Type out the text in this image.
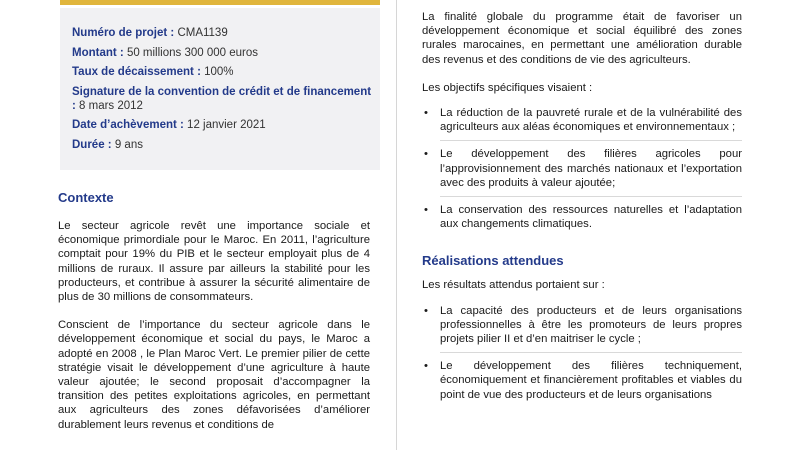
Numéro de projet : CMA1139
Montant : 50 millions 300 000 euros
Taux de décaissement : 100%
Signature de la convention de crédit et de financement : 8 mars 2012
Date d’achèvement : 12 janvier 2021
Durée : 9 ans
Contexte

Le secteur agricole revêt une importance sociale et économique primordiale pour le Maroc. En 2011, l’agriculture comptait pour 19% du PIB et le secteur employait plus de 4 millions de ruraux. Il assure par ailleurs la stabilité pour les producteurs, et contribue à assurer la sécurité alimentaire de plus de 30 millions de consommateurs.

Conscient de l’importance du secteur agricole dans le développement économique et social du pays, le Maroc a adopté en 2008 , le Plan Maroc Vert. Le premier pilier de cette stratégie visait le développement d’une agriculture à haute valeur ajoutée; le second proposait d’accompagner la transition des petites exploitations agricoles, en permettant aux agriculteurs des zones défavorisées d’améliorer durablement leurs revenus et conditions de

La finalité globale du programme était de favoriser un développement économique et social équilibré des zones rurales marocaines, en permettant une amélioration durable des revenus et des conditions de vie des agriculteurs.

Les objectifs spécifiques visaient :

• La réduction de la pauvreté rurale et de la vulnérabilité des agriculteurs aux aléas économiques et environnementaux ;
• Le développement des filières agricoles pour l’approvisionnement des marchés nationaux et l’exportation avec des produits à valeur ajoutée;
• La conservation des ressources naturelles et l’adaptation aux changements climatiques.
Réalisations attendues

Les résultats attendus portaient sur :

• La capacité des producteurs et de leurs organisations professionnelles à être les promoteurs de leurs propres projets pilier II et d’en maitriser le cycle ;
• Le développement des filières techniquement, économiquement et financièrement profitables et viables du point de vue des producteurs et de leurs organisations
